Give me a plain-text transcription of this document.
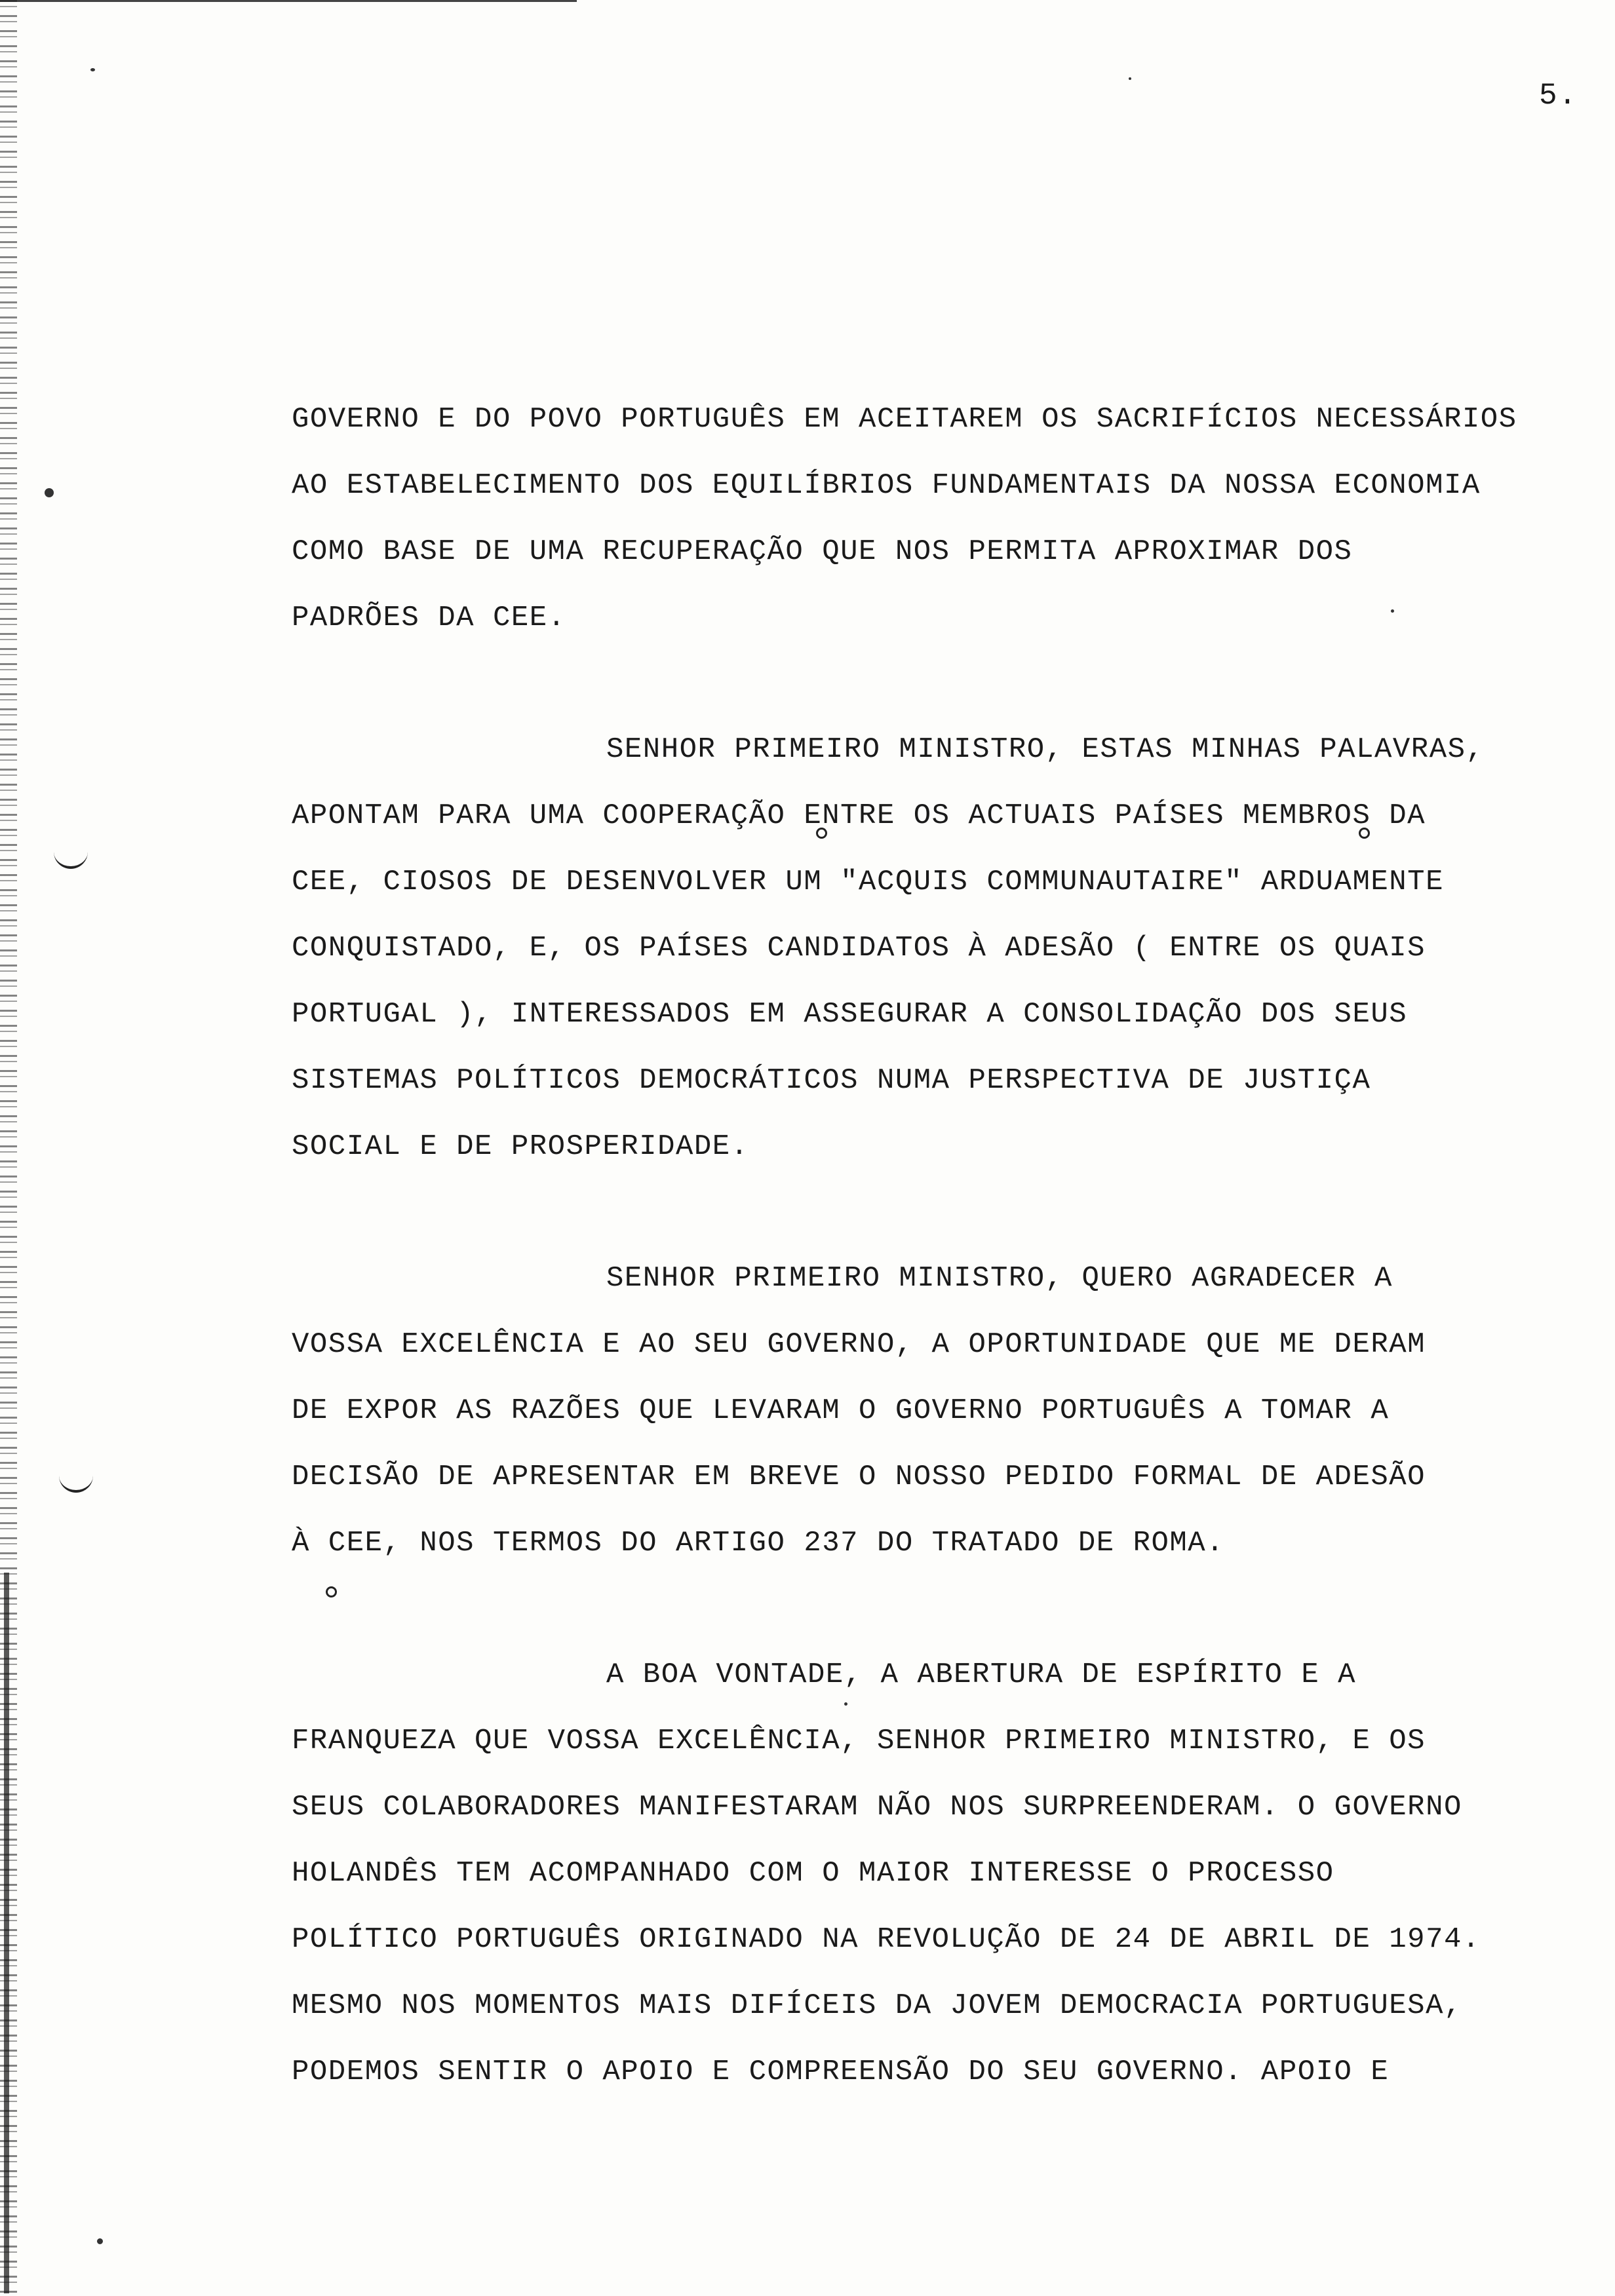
5.
GOVERNO E DO POVO PORTUGUÊS EM ACEITAREM OS SACRIFÍCIOS NECESSÁRIOS
AO ESTABELECIMENTO DOS EQUILÍBRIOS FUNDAMENTAIS DA NOSSA ECONOMIA
COMO BASE DE UMA RECUPERAÇÃO QUE NOS PERMITA APROXIMAR DOS
PADRÕES DA CEE.
SENHOR PRIMEIRO MINISTRO, ESTAS MINHAS PALAVRAS,
APONTAM PARA UMA COOPERAÇÃO ENTRE OS ACTUAIS PAÍSES MEMBROS DA
CEE, CIOSOS DE DESENVOLVER UM "ACQUIS COMMUNAUTAIRE" ARDUAMENTE
CONQUISTADO, E, OS PAÍSES CANDIDATOS À ADESÃO ( ENTRE OS QUAIS
PORTUGAL ), INTERESSADOS EM ASSEGURAR A CONSOLIDAÇÃO DOS SEUS
SISTEMAS POLÍTICOS DEMOCRÁTICOS NUMA PERSPECTIVA DE JUSTIÇA
SOCIAL E DE PROSPERIDADE.
SENHOR PRIMEIRO MINISTRO, QUERO AGRADECER A
VOSSA EXCELÊNCIA E AO SEU GOVERNO, A OPORTUNIDADE QUE ME DERAM
DE EXPOR AS RAZÕES QUE LEVARAM O GOVERNO PORTUGUÊS A TOMAR A
DECISÃO DE APRESENTAR EM BREVE O NOSSO PEDIDO FORMAL DE ADESÃO
À CEE, NOS TERMOS DO ARTIGO 237 DO TRATADO DE ROMA.
A BOA VONTADE, A ABERTURA DE ESPÍRITO E A
FRANQUEZA QUE VOSSA EXCELÊNCIA, SENHOR PRIMEIRO MINISTRO, E OS
SEUS COLABORADORES MANIFESTARAM NÃO NOS SURPREENDERAM. O GOVERNO
HOLANDÊS TEM ACOMPANHADO COM O MAIOR INTERESSE O PROCESSO
POLÍTICO PORTUGUÊS ORIGINADO NA REVOLUÇÃO DE 24 DE ABRIL DE 1974.
MESMO NOS MOMENTOS MAIS DIFÍCEIS DA JOVEM DEMOCRACIA PORTUGUESA,
PODEMOS SENTIR O APOIO E COMPREENSÃO DO SEU GOVERNO. APOIO E
